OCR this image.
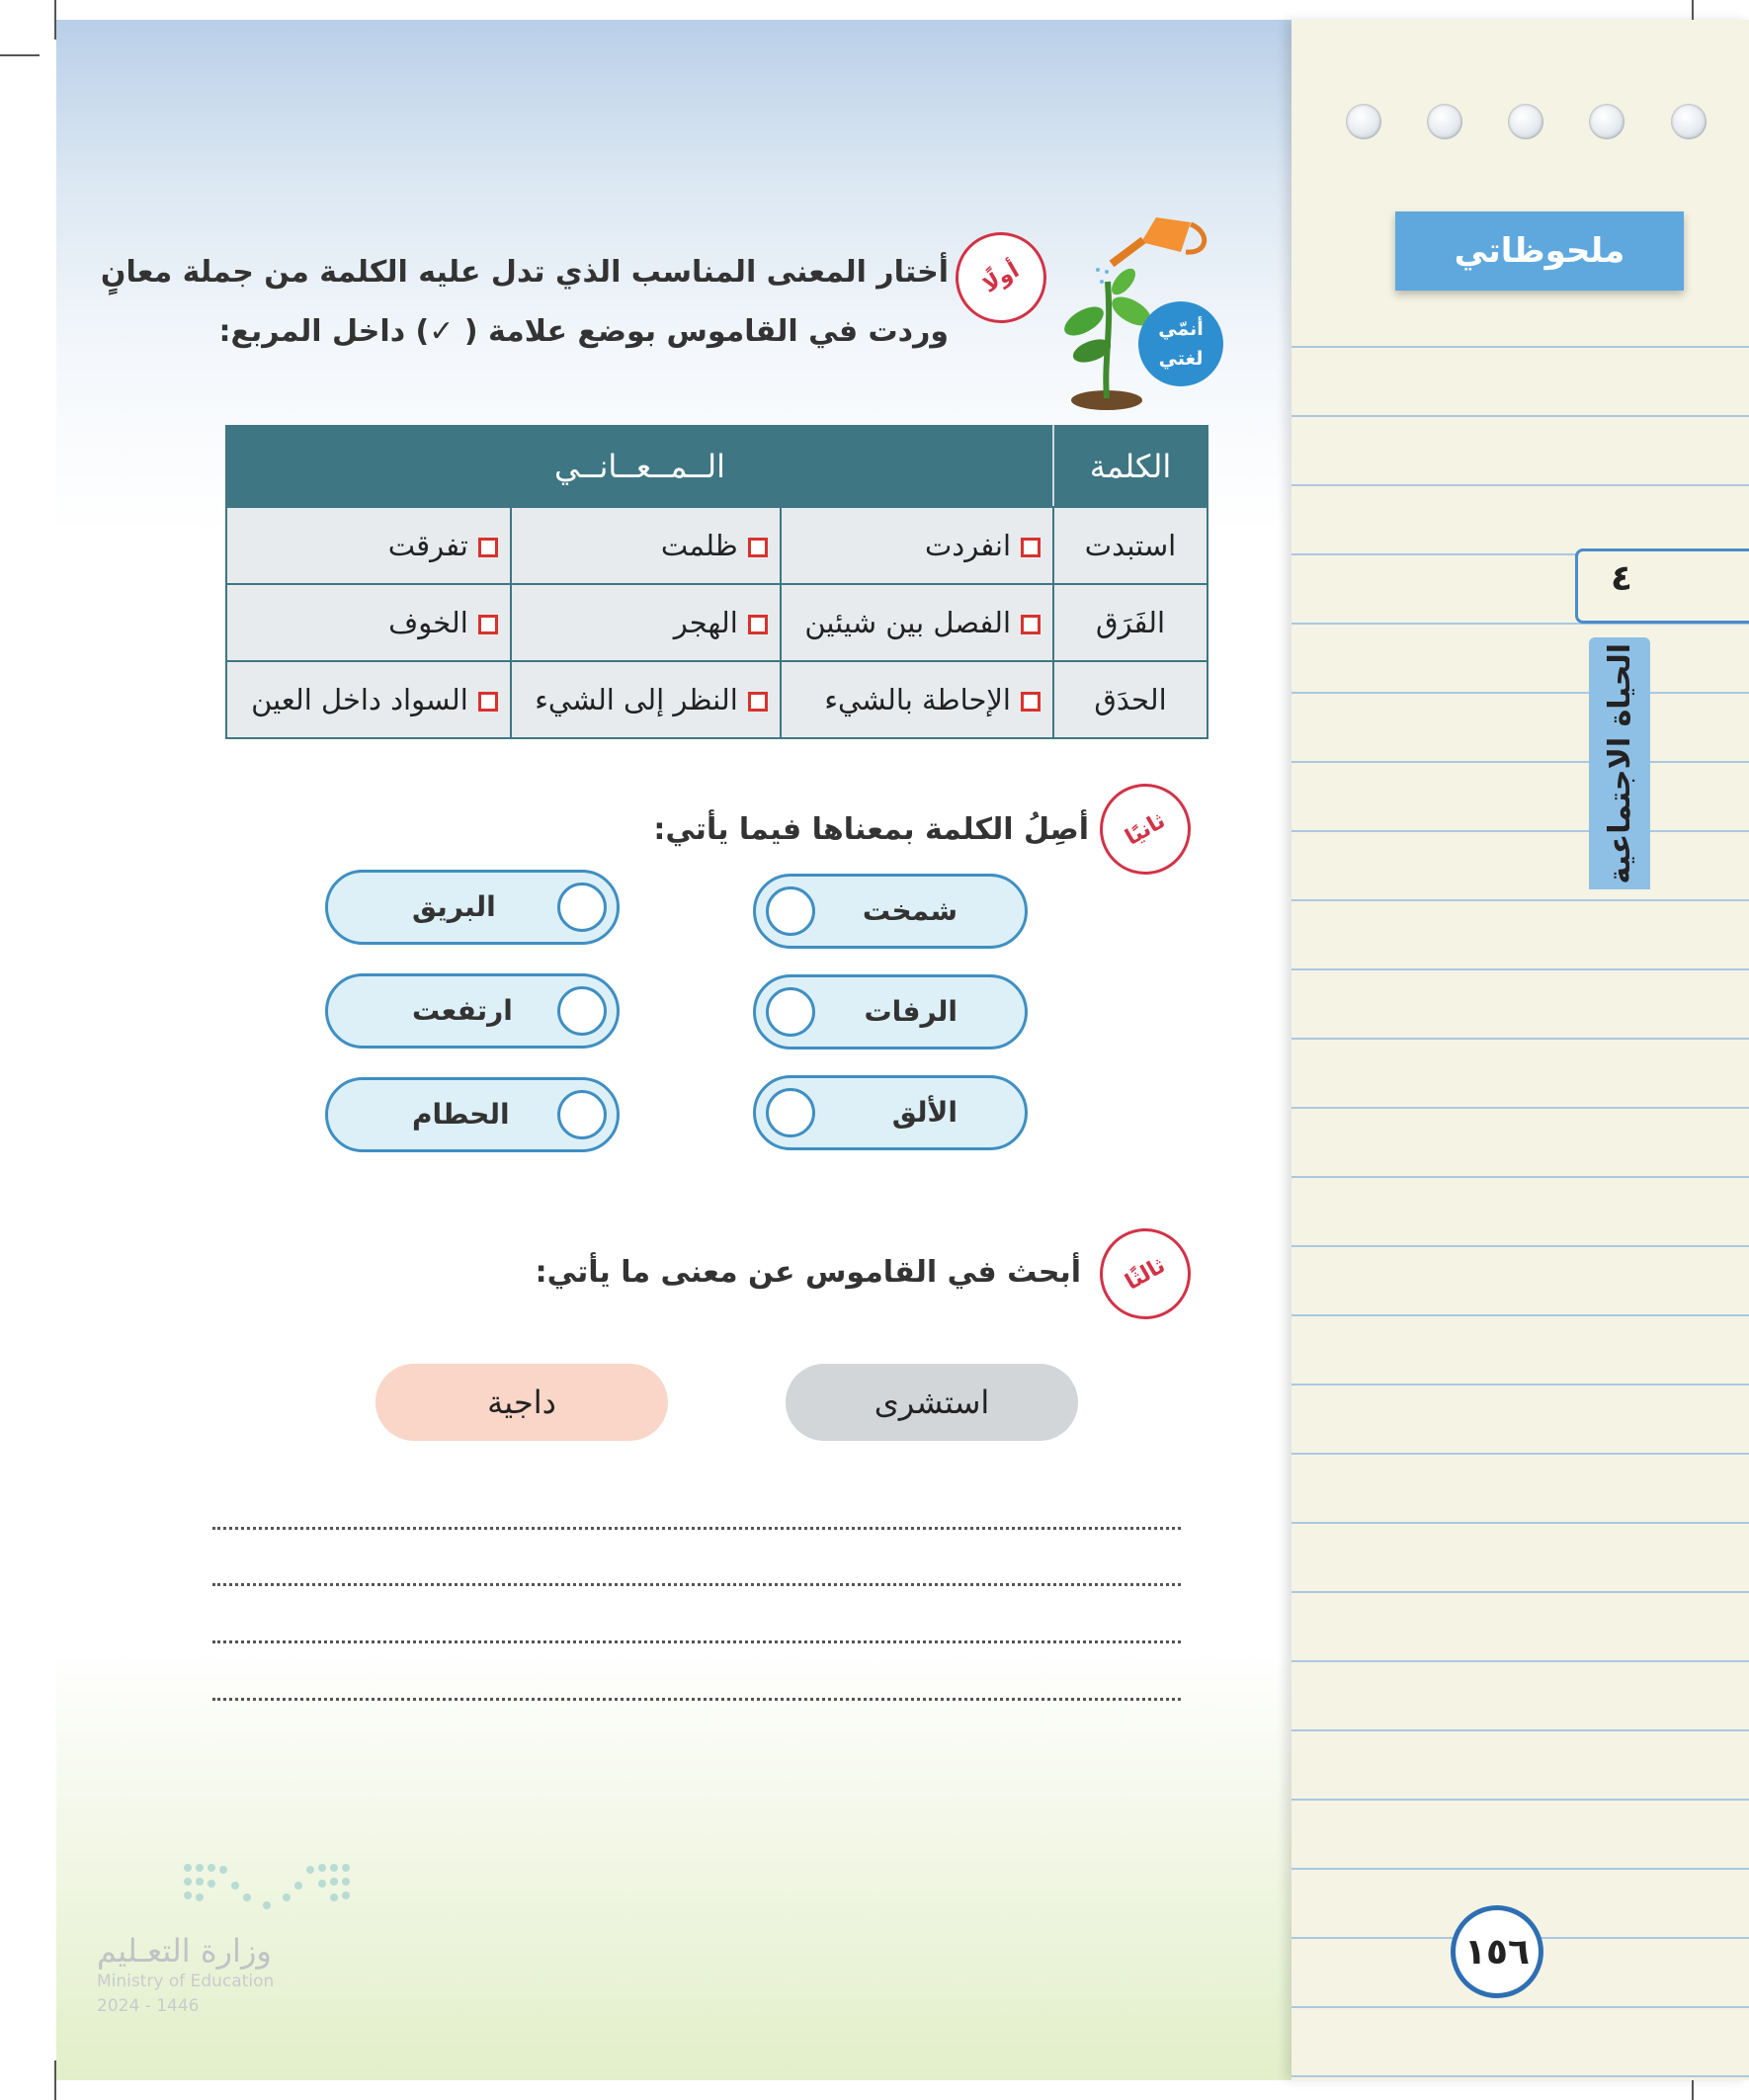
ملحوظاتي
٤
الحياة الاجتماعية
١٥٦
أنمّي
لغتي
أولًا
أختار المعنى المناسب الذي تدل عليه الكلمة من جملة معانٍ
وردت في القاموس بوضع علامة ( ✓) داخل المربع:
الكلمة	الــمــعــانــي		
استبدت	انفردت	ظلمت	تفرقت
الفَرَق	الفصل بين شيئين	الهجر	الخوف
الحدَق	الإحاطة بالشيء	النظر إلى الشيء	السواد داخل العين
ثانيًا
أصِلُ الكلمة بمعناها فيما يأتي:
شمخت
الرفات
الألق
البريق
ارتفعت
الحطام
ثالثًا
أبحث في القاموس عن معنى ما يأتي:
استشرى
داجية
وزارة التعـليم
Ministry of Education
2024 - 1446
